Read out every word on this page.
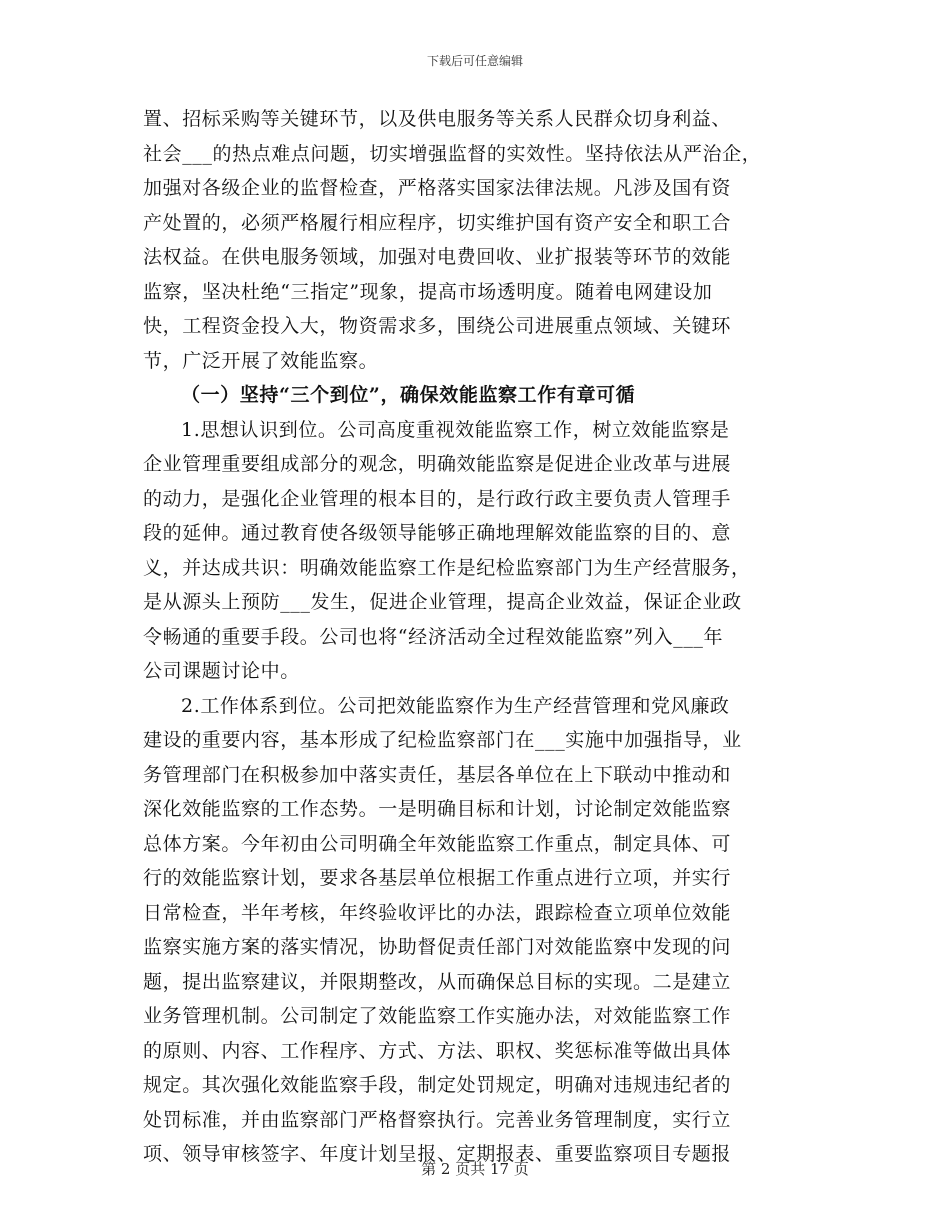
下载后可任意编辑
置、招标采购等关键环节，以及供电服务等关系人民群众切身利益、
社会___的热点难点问题，切实增强监督的实效性。坚持依法从严治企，
加强对各级企业的监督检查，严格落实国家法律法规。凡涉及国有资
产处置的，必须严格履行相应程序，切实维护国有资产安全和职工合
法权益。在供电服务领域，加强对电费回收、业扩报装等环节的效能
监察，坚决杜绝“三指定”现象，提高市场透明度。随着电网建设加
快，工程资金投入大，物资需求多，围绕公司进展重点领域、关键环
节，广泛开展了效能监察。
（一）坚持“三个到位”，确保效能监察工作有章可循
1.思想认识到位。公司高度重视效能监察工作，树立效能监察是
企业管理重要组成部分的观念，明确效能监察是促进企业改革与进展
的动力，是强化企业管理的根本目的，是行政行政主要负责人管理手
段的延伸。通过教育使各级领导能够正确地理解效能监察的目的、意
义，并达成共识：明确效能监察工作是纪检监察部门为生产经营服务，
是从源头上预防___发生，促进企业管理，提高企业效益，保证企业政
令畅通的重要手段。公司也将“经济活动全过程效能监察”列入___年
公司课题讨论中。
2.工作体系到位。公司把效能监察作为生产经营管理和党风廉政
建设的重要内容，基本形成了纪检监察部门在___实施中加强指导，业
务管理部门在积极参加中落实责任，基层各单位在上下联动中推动和
深化效能监察的工作态势。一是明确目标和计划，讨论制定效能监察
总体方案。今年初由公司明确全年效能监察工作重点，制定具体、可
行的效能监察计划，要求各基层单位根据工作重点进行立项，并实行
日常检查，半年考核，年终验收评比的办法，跟踪检查立项单位效能
监察实施方案的落实情况，协助督促责任部门对效能监察中发现的问
题，提出监察建议，并限期整改，从而确保总目标的实现。二是建立
业务管理机制。公司制定了效能监察工作实施办法，对效能监察工作
的原则、内容、工作程序、方式、方法、职权、奖惩标准等做出具体
规定。其次强化效能监察手段，制定处罚规定，明确对违规违纪者的
处罚标准，并由监察部门严格督察执行。完善业务管理制度，实行立
项、领导审核签字、年度计划呈报、定期报表、重要监察项目专题报
第 2 页共 17 页
